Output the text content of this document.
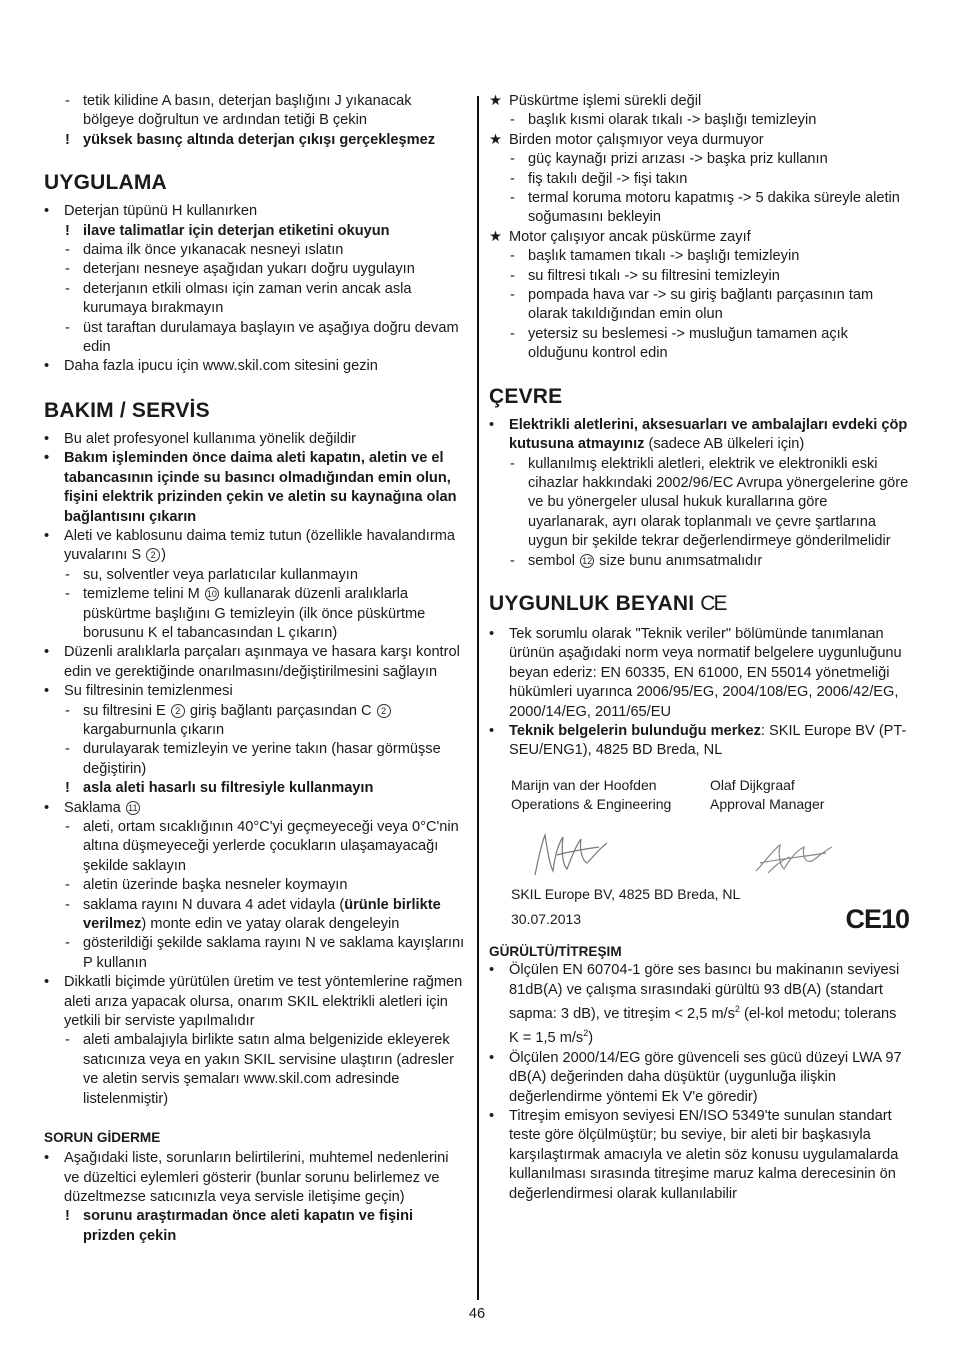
- tetik kilidine A basın, deterjan başlığını J yıkanacak bölgeye doğrultun ve ardından tetiği B çekin
! yüksek basınç altında deterjan çıkışı gerçekleşmez
UYGULAMA
• Deterjan tüpünü H kullanırken
! ilave talimatlar için deterjan etiketini okuyun
- daima ilk önce yıkanacak nesneyi ıslatın
- deterjanı nesneye aşağıdan yukarı doğru uygulayın
- deterjanın etkili olması için zaman verin ancak asla kurumaya bırakmayın
- üst taraftan durulamaya başlayın ve aşağıya doğru devam edin
• Daha fazla ipucu için www.skil.com sitesini gezin
BAKIM / SERVİS
• Bu alet profesyonel kullanıma yönelik değildir
• Bakım işleminden önce daima aleti kapatın, aletin ve el tabancasının içinde su basıncı olmadığından emin olun, fişini elektrik prizinden çekin ve aletin su kaynağına olan bağlantısını çıkarın
• Aleti ve kablosunu daima temiz tutun (özellikle havalandırma yuvalarını S 2 )
- su, solventler veya parlatıcılar kullanmayın
- temizleme telini M 10 kullanarak düzenli aralıklarla püskürtme başlığını G temizleyin (ilk önce püskürtme borusunu K el tabancasından L çıkarın)
• Düzenli aralıklarla parçaları aşınmaya ve hasara karşı kontrol edin ve gerektiğinde onarılmasını/değiştirilmesini sağlayın
• Su filtresinin temizlenmesi
- su filtresini E 2 giriş bağlantı parçasından C 2 kargaburnunla çıkarın
- durulayarak temizleyin ve yerine takın (hasar görmüşse değiştirin)
! asla aleti hasarlı su filtresiyle kullanmayın
• Saklama 11
- aleti, ortam sıcaklığının 40°C'yi geçmeyeceği veya 0°C'nin altına düşmeyeceği yerlerde çocukların ulaşamayacağı şekilde saklayın
- aletin üzerinde başka nesneler koymayın
- saklama rayını N duvara 4 adet vidayla (ürünle birlikte verilmez) monte edin ve yatay olarak dengeleyin
- gösterildiği şekilde saklama rayını N ve saklama kayışlarını P kullanın
• Dikkatli biçimde yürütülen üretim ve test yöntemlerine rağmen aleti arıza yapacak olursa, onarım SKIL elektrikli aletleri için yetkili bir serviste yapılmalıdır
- aleti ambalajıyla birlikte satın alma belgenizide ekleyerek satıcınıza veya en yakın SKIL servisine ulaştırın (adresler ve aletin servis şemaları www.skil.com adresinde listelenmiştir)
SORUN GİDERME
• Aşağıdaki liste, sorunların belirtilerini, muhtemel nedenlerini ve düzeltici eylemleri gösterir (bunlar sorunu belirlemez ve düzeltmezse satıcınızla veya servisle iletişime geçin)
! sorunu araştırmadan önce aleti kapatın ve fişini prizden çekin
★ Püskürtme işlemi sürekli değil
- başlık kısmi olarak tıkalı -> başlığı temizleyin
★ Birden motor çalışmıyor veya durmuyor
- güç kaynağı prizi arızası -> başka priz kullanın
- fiş takılı değil -> fişi takın
- termal koruma motoru kapatmış -> 5 dakika süreyle aletin soğumasını bekleyin
★ Motor çalışıyor ancak püskürme zayıf
- başlık tamamen tıkalı -> başlığı temizleyin
- su filtresi tıkalı -> su filtresini temizleyin
- pompada hava var -> su giriş bağlantı parçasının tam olarak takıldığından emin olun
- yetersiz su beslemesi -> musluğun tamamen açık olduğunu kontrol edin
ÇEVRE
• Elektrikli aletlerini, aksesuarları ve ambalajları evdeki çöp kutusuna atmayınız (sadece AB ülkeleri için)
- kullanılmış elektrikli aletleri, elektrik ve elektronikli eski cihazlar hakkındaki 2002/96/EC Avrupa yönergelerine göre ve bu yönergeler ulusal hukuk kurallarına göre uyarlanarak, ayrı olarak toplanmalı ve çevre şartlarına uygun bir şekilde tekrar değerlendirmeye gönderilmelidir
- sembol 12 size bunu anımsatmalıdır
UYGUNLUK BEYANI CE
• Tek sorumlu olarak "Teknik veriler" bölümünde tanımlanan ürünün aşağıdaki norm veya normatif belgelere uygunluğunu beyan ederiz: EN 60335, EN 61000, EN 55014 yönetmeliği hükümleri uyarınca 2006/95/EG, 2004/108/EG, 2006/42/EG, 2000/14/EG, 2011/65/EU
• Teknik belgelerin bulunduğu merkez: SKIL Europe BV (PT-SEU/ENG1), 4825 BD Breda, NL
Marijn van der Hoofden
Operations & Engineering
Olaf Dijkgraaf
Approval Manager
SKIL Europe BV, 4825 BD Breda, NL
30.07.2013	CE10
GÜRÜLTÜ/TİTREŞIM
• Ölçülen EN 60704-1 göre ses basıncı bu makinanın seviyesi 81dB(A) ve çalışma sırasındaki gürültü 93 dB(A) (standart sapma: 3 dB), ve titreşim < 2,5 $m/s^2$ (el-kol metodu; tolerans K = 1,5 $m/s^2$)
• Ölçülen 2000/14/EG göre güvenceli ses gücü düzeyi LWA 97 dB(A) değerinden daha düşüktür (uygunluğa ilişkin değerlendirme yöntemi Ek V'e göredir)
• Titreşim emisyon seviyesi EN/ISO 5349'te sunulan standart teste göre ölçülmüştür; bu seviye, bir aleti bir başkasıyla karşılaştırmak amacıyla ve aletin söz konusu uygulamalarda kullanılması sırasında titreşime maruz kalma derecesinin ön değerlendirmesi olarak kullanılabilir
46
